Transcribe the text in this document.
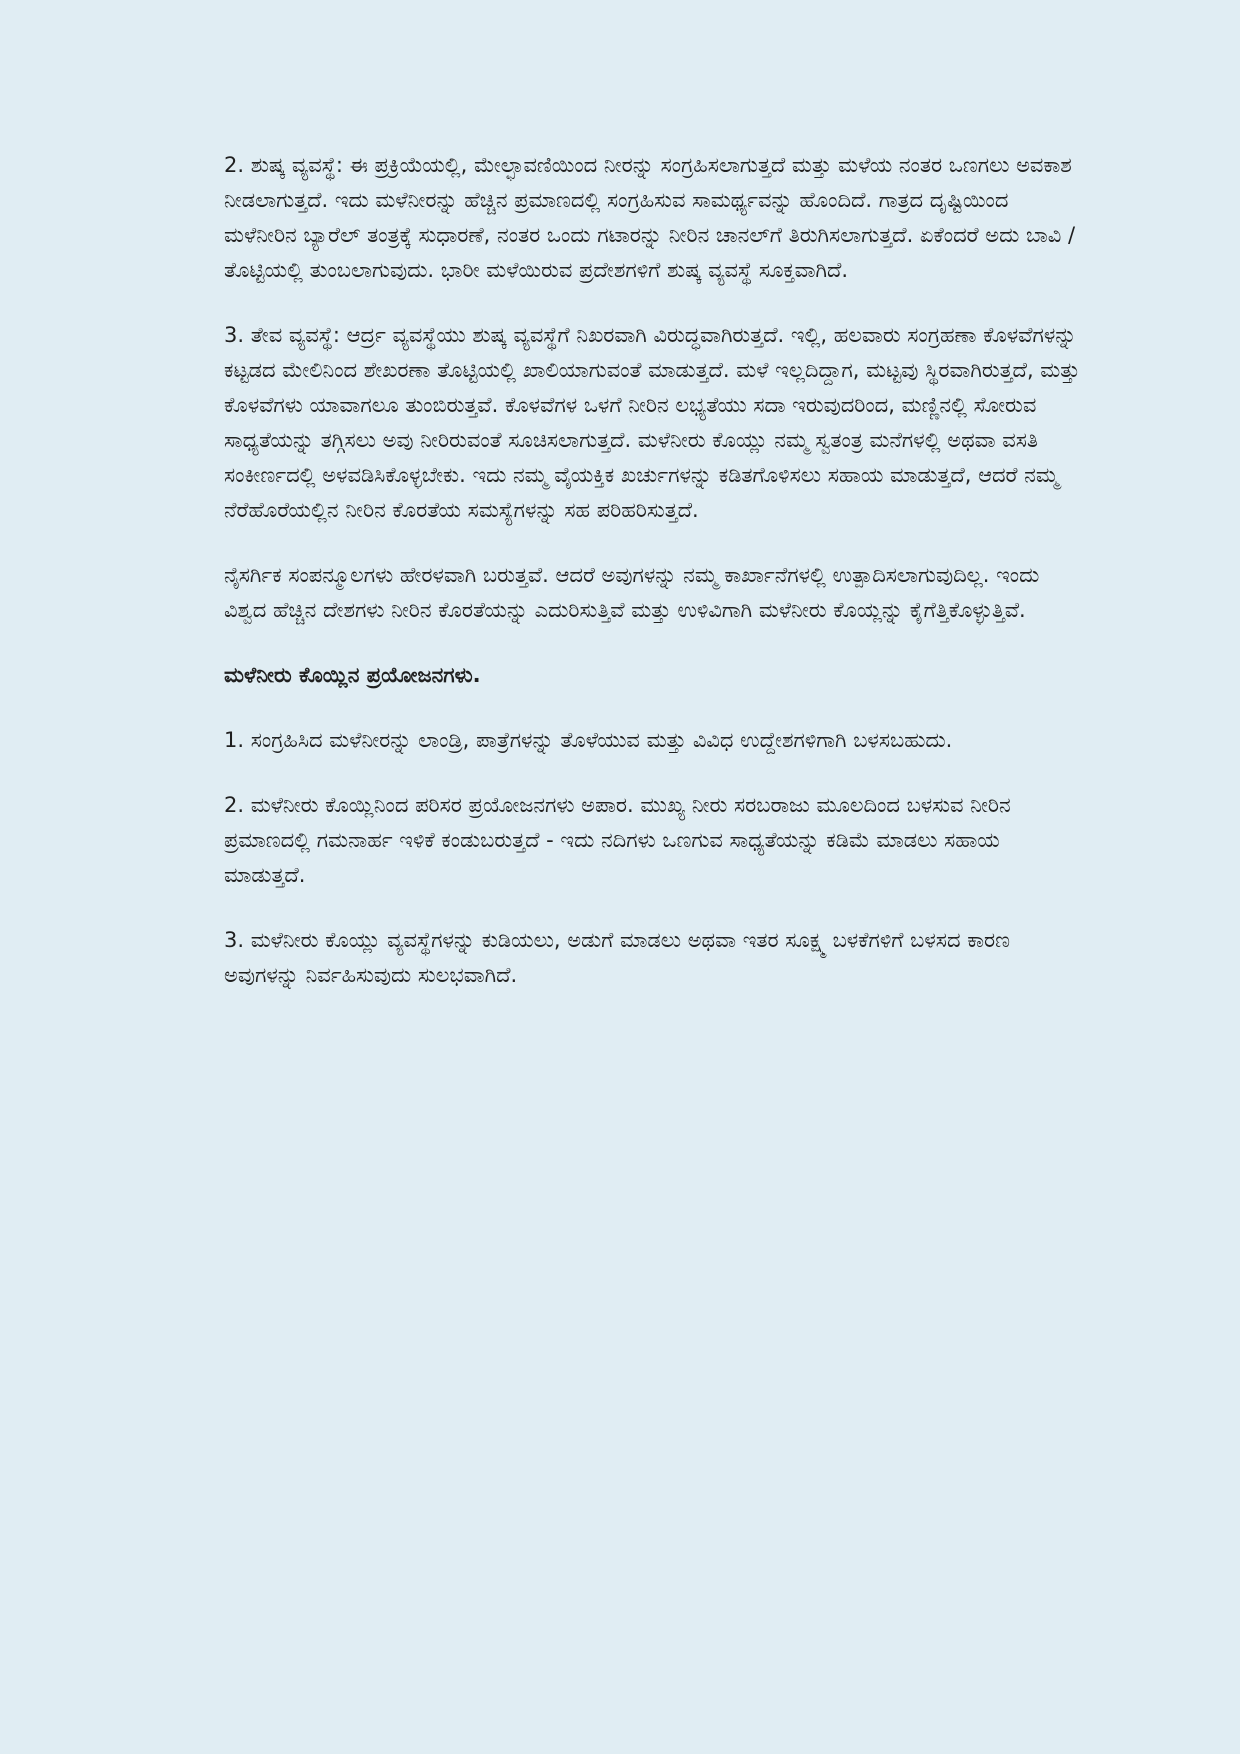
2. ಶುಷ್ಕ ವ್ಯವಸ್ಥೆ: ಈ ಪ್ರಕ್ರಿಯೆಯಲ್ಲಿ, ಮೇಲ್ಛಾವಣಿಯಿಂದ ನೀರನ್ನು ಸಂಗ್ರಹಿಸಲಾಗುತ್ತದೆ ಮತ್ತು ಮಳೆಯ ನಂತರ ಒಣಗಲು ಅವಕಾಶ ನೀಡಲಾಗುತ್ತದೆ. ಇದು ಮಳೆನೀರನ್ನು ಹೆಚ್ಚಿನ ಪ್ರಮಾಣದಲ್ಲಿ ಸಂಗ್ರಹಿಸುವ ಸಾಮರ್ಥ್ಯವನ್ನು ಹೊಂದಿದೆ. ಗಾತ್ರದ ದೃಷ್ಟಿಯಿಂದ ಮಳೆನೀರಿನ ಬ್ಯಾರೆಲ್ ತಂತ್ರಕ್ಕೆ ಸುಧಾರಣೆ, ನಂತರ ಒಂದು ಗಟಾರನ್ನು ನೀರಿನ ಚಾನಲ್‌ಗೆ ತಿರುಗಿಸಲಾಗುತ್ತದೆ. ಏಕೆಂದರೆ ಅದು ಬಾವಿ / ತೊಟ್ಟಿಯಲ್ಲಿ ತುಂಬಲಾಗುವುದು. ಭಾರೀ ಮಳೆಯಿರುವ ಪ್ರದೇಶಗಳಿಗೆ ಶುಷ್ಕ ವ್ಯವಸ್ಥೆ ಸೂಕ್ತವಾಗಿದೆ.

3. ತೇವ ವ್ಯವಸ್ಥೆ: ಆರ್ದ್ರ ವ್ಯವಸ್ಥೆಯು ಶುಷ್ಕ ವ್ಯವಸ್ಥೆಗೆ ನಿಖರವಾಗಿ ವಿರುದ್ಧವಾಗಿರುತ್ತದೆ. ಇಲ್ಲಿ, ಹಲವಾರು ಸಂಗ್ರಹಣಾ ಕೊಳವೆಗಳನ್ನು ಕಟ್ಟಡದ ಮೇಲಿನಿಂದ ಶೇಖರಣಾ ತೊಟ್ಟಿಯಲ್ಲಿ ಖಾಲಿಯಾಗುವಂತೆ ಮಾಡುತ್ತದೆ. ಮಳೆ ಇಲ್ಲದಿದ್ದಾಗ, ಮಟ್ಟವು ಸ್ಥಿರವಾಗಿರುತ್ತದೆ, ಮತ್ತು ಕೊಳವೆಗಳು ಯಾವಾಗಲೂ ತುಂಬಿರುತ್ತವೆ. ಕೊಳವೆಗಳ ಒಳಗೆ ನೀರಿನ ಲಭ್ಯತೆಯು ಸದಾ ಇರುವುದರಿಂದ, ಮಣ್ಣಿನಲ್ಲಿ ಸೋರುವ ಸಾಧ್ಯತೆಯನ್ನು ತಗ್ಗಿಸಲು ಅವು ನೀರಿರುವಂತೆ ಸೂಚಿಸಲಾಗುತ್ತದೆ. ಮಳೆನೀರು ಕೊಯ್ಲು ನಮ್ಮ ಸ್ವತಂತ್ರ ಮನೆಗಳಲ್ಲಿ ಅಥವಾ ವಸತಿ ಸಂಕೀರ್ಣದಲ್ಲಿ ಅಳವಡಿಸಿಕೊಳ್ಳಬೇಕು. ಇದು ನಮ್ಮ ವೈಯಕ್ತಿಕ ಖರ್ಚುಗಳನ್ನು ಕಡಿತಗೊಳಿಸಲು ಸಹಾಯ ಮಾಡುತ್ತದೆ, ಆದರೆ ನಮ್ಮ ನೆರೆಹೊರೆಯಲ್ಲಿನ ನೀರಿನ ಕೊರತೆಯ ಸಮಸ್ಯೆಗಳನ್ನು ಸಹ ಪರಿಹರಿಸುತ್ತದೆ.

ನೈಸರ್ಗಿಕ ಸಂಪನ್ಮೂಲಗಳು ಹೇರಳವಾಗಿ ಬರುತ್ತವೆ. ಆದರೆ ಅವುಗಳನ್ನು ನಮ್ಮ ಕಾರ್ಖಾನೆಗಳಲ್ಲಿ ಉತ್ಪಾದಿಸಲಾಗುವುದಿಲ್ಲ. ಇಂದು ವಿಶ್ವದ ಹೆಚ್ಚಿನ ದೇಶಗಳು ನೀರಿನ ಕೊರತೆಯನ್ನು ಎದುರಿಸುತ್ತಿವೆ ಮತ್ತು ಉಳಿವಿಗಾಗಿ ಮಳೆನೀರು ಕೊಯ್ಲನ್ನು ಕೈಗೆತ್ತಿಕೊಳ್ಳುತ್ತಿವೆ.

ಮಳೆನೀರು ಕೊಯ್ಲಿನ ಪ್ರಯೋಜನಗಳು.

1. ಸಂಗ್ರಹಿಸಿದ ಮಳೆನೀರನ್ನು ಲಾಂಡ್ರಿ, ಪಾತ್ರೆಗಳನ್ನು ತೊಳೆಯುವ ಮತ್ತು ವಿವಿಧ ಉದ್ದೇಶಗಳಿಗಾಗಿ ಬಳಸಬಹುದು.

2. ಮಳೆನೀರು ಕೊಯ್ಲಿನಿಂದ ಪರಿಸರ ಪ್ರಯೋಜನಗಳು ಅಪಾರ. ಮುಖ್ಯ ನೀರು ಸರಬರಾಜು ಮೂಲದಿಂದ ಬಳಸುವ ನೀರಿನ ಪ್ರಮಾಣದಲ್ಲಿ ಗಮನಾರ್ಹ ಇಳಿಕೆ ಕಂಡುಬರುತ್ತದೆ - ಇದು ನದಿಗಳು ಒಣಗುವ ಸಾಧ್ಯತೆಯನ್ನು ಕಡಿಮೆ ಮಾಡಲು ಸಹಾಯ ಮಾಡುತ್ತದೆ.

3. ಮಳೆನೀರು ಕೊಯ್ಲು ವ್ಯವಸ್ಥೆಗಳನ್ನು ಕುಡಿಯಲು, ಅಡುಗೆ ಮಾಡಲು ಅಥವಾ ಇತರ ಸೂಕ್ಷ್ಮ ಬಳಕೆಗಳಿಗೆ ಬಳಸದ ಕಾರಣ ಅವುಗಳನ್ನು ನಿರ್ವಹಿಸುವುದು ಸುಲಭವಾಗಿದೆ.
